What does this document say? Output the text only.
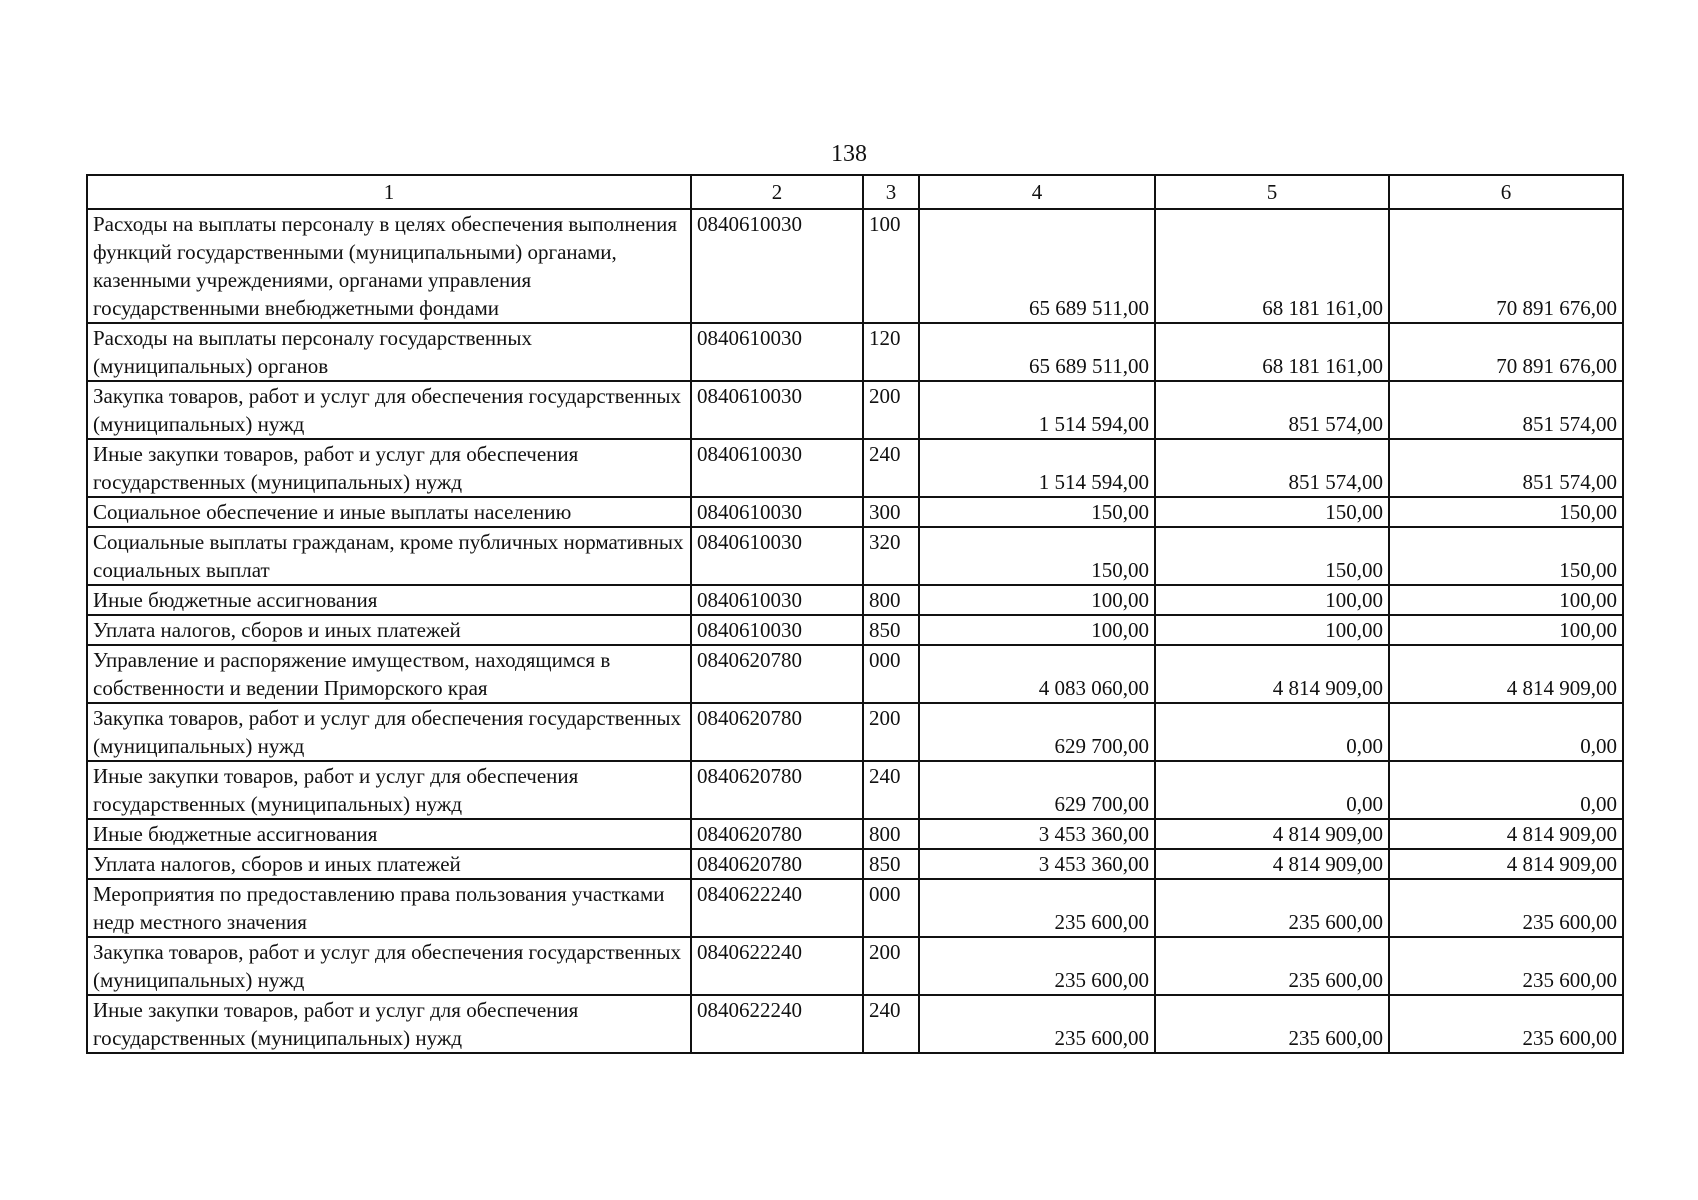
138
1	2	3	4	5	6
Расходы на выплаты персоналу в целях обеспечения выполнения функций государственными (муниципальными) органами, казенными учреждениями, органами управления государственными внебюджетными фондами	0840610030	100	65 689 511,00	68 181 161,00	70 891 676,00
Расходы на выплаты персоналу государственных (муниципальных) органов	0840610030	120	65 689 511,00	68 181 161,00	70 891 676,00
Закупка товаров, работ и услуг для обеспечения государственных (муниципальных) нужд	0840610030	200	1 514 594,00	851 574,00	851 574,00
Иные закупки товаров, работ и услуг для обеспечения государственных (муниципальных) нужд	0840610030	240	1 514 594,00	851 574,00	851 574,00
Социальное обеспечение и иные выплаты населению	0840610030	300	150,00	150,00	150,00
Социальные выплаты гражданам, кроме публичных нормативных социальных выплат	0840610030	320	150,00	150,00	150,00
Иные бюджетные ассигнования	0840610030	800	100,00	100,00	100,00
Уплата налогов, сборов и иных платежей	0840610030	850	100,00	100,00	100,00
Управление и распоряжение имуществом, находящимся в собственности и ведении Приморского края	0840620780	000	4 083 060,00	4 814 909,00	4 814 909,00
Закупка товаров, работ и услуг для обеспечения государственных (муниципальных) нужд	0840620780	200	629 700,00	0,00	0,00
Иные закупки товаров, работ и услуг для обеспечения государственных (муниципальных) нужд	0840620780	240	629 700,00	0,00	0,00
Иные бюджетные ассигнования	0840620780	800	3 453 360,00	4 814 909,00	4 814 909,00
Уплата налогов, сборов и иных платежей	0840620780	850	3 453 360,00	4 814 909,00	4 814 909,00
Мероприятия по предоставлению права пользования участками недр местного значения	0840622240	000	235 600,00	235 600,00	235 600,00
Закупка товаров, работ и услуг для обеспечения государственных (муниципальных) нужд	0840622240	200	235 600,00	235 600,00	235 600,00
Иные закупки товаров, работ и услуг для обеспечения государственных (муниципальных) нужд	0840622240	240	235 600,00	235 600,00	235 600,00
